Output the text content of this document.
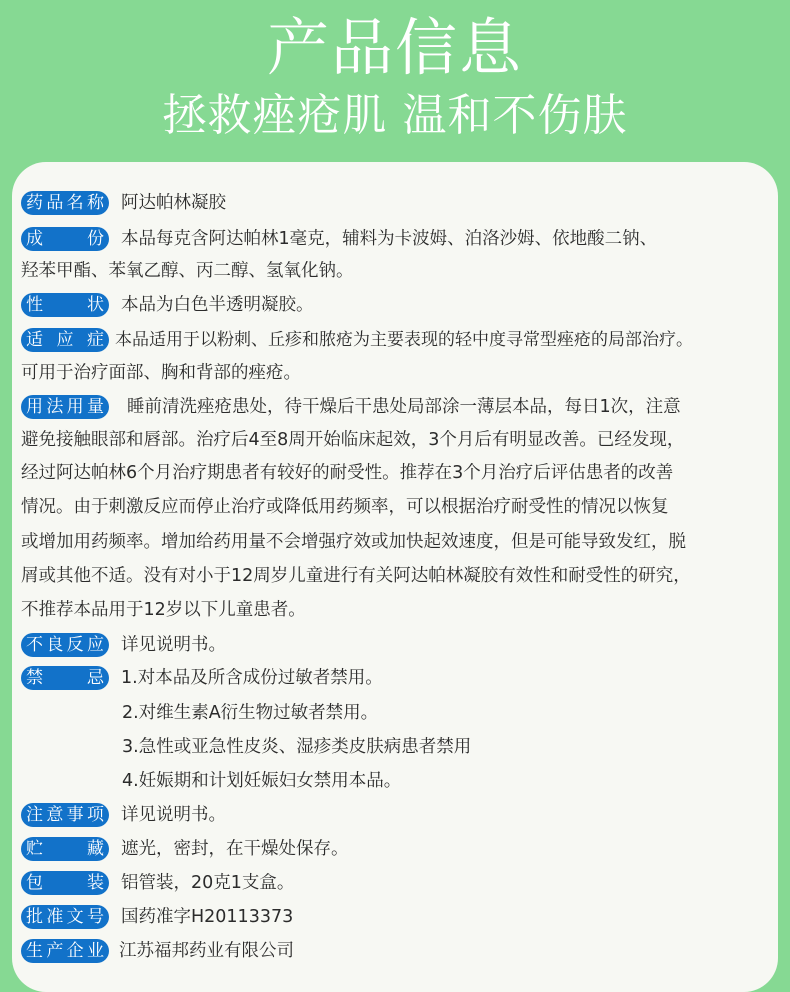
产品信息
拯救痤疮肌 温和不伤肤
药品名称 阿达帕林凝胶
成 份 本品每克含阿达帕林1毫克，辅料为卡波姆、泊洛沙姆、依地酸二钠、
羟苯甲酯、苯氧乙醇、丙二醇、氢氧化钠。
性 状 本品为白色半透明凝胶。
适 应 症 本品适用于以粉刺、丘疹和脓疮为主要表现的轻中度寻常型痤疮的局部治疗。
可用于治疗面部、胸和背部的痤疮。
用法用量 睡前清洗痤疮患处，待干燥后干患处局部涂一薄层本品，每日1次，注意
避免接触眼部和唇部。治疗后4至8周开始临床起效，3个月后有明显改善。已经发现，
经过阿达帕林6个月治疗期患者有较好的耐受性。推荐在3个月治疗后评估患者的改善
情况。由于刺激反应而停止治疗或降低用药频率，可以根据治疗耐受性的情况以恢复
或增加用药频率。增加给药用量不会增强疗效或加快起效速度，但是可能导致发红，脱
屑或其他不适。没有对小于12周岁儿童进行有关阿达帕林凝胶有效性和耐受性的研究，
不推荐本品用于12岁以下儿童患者。
不良反应 详见说明书。
禁 忌 1.对本品及所含成份过敏者禁用。
2.对维生素A衍生物过敏者禁用。
3.急性或亚急性皮炎、湿疹类皮肤病患者禁用
4.妊娠期和计划妊娠妇女禁用本品。
注意事项 详见说明书。
贮 藏 遮光，密封，在干燥处保存。
包 装 铝管装，20克1支盒。
批准文号 国药准字H20113373
生产企业 江苏福邦药业有限公司
